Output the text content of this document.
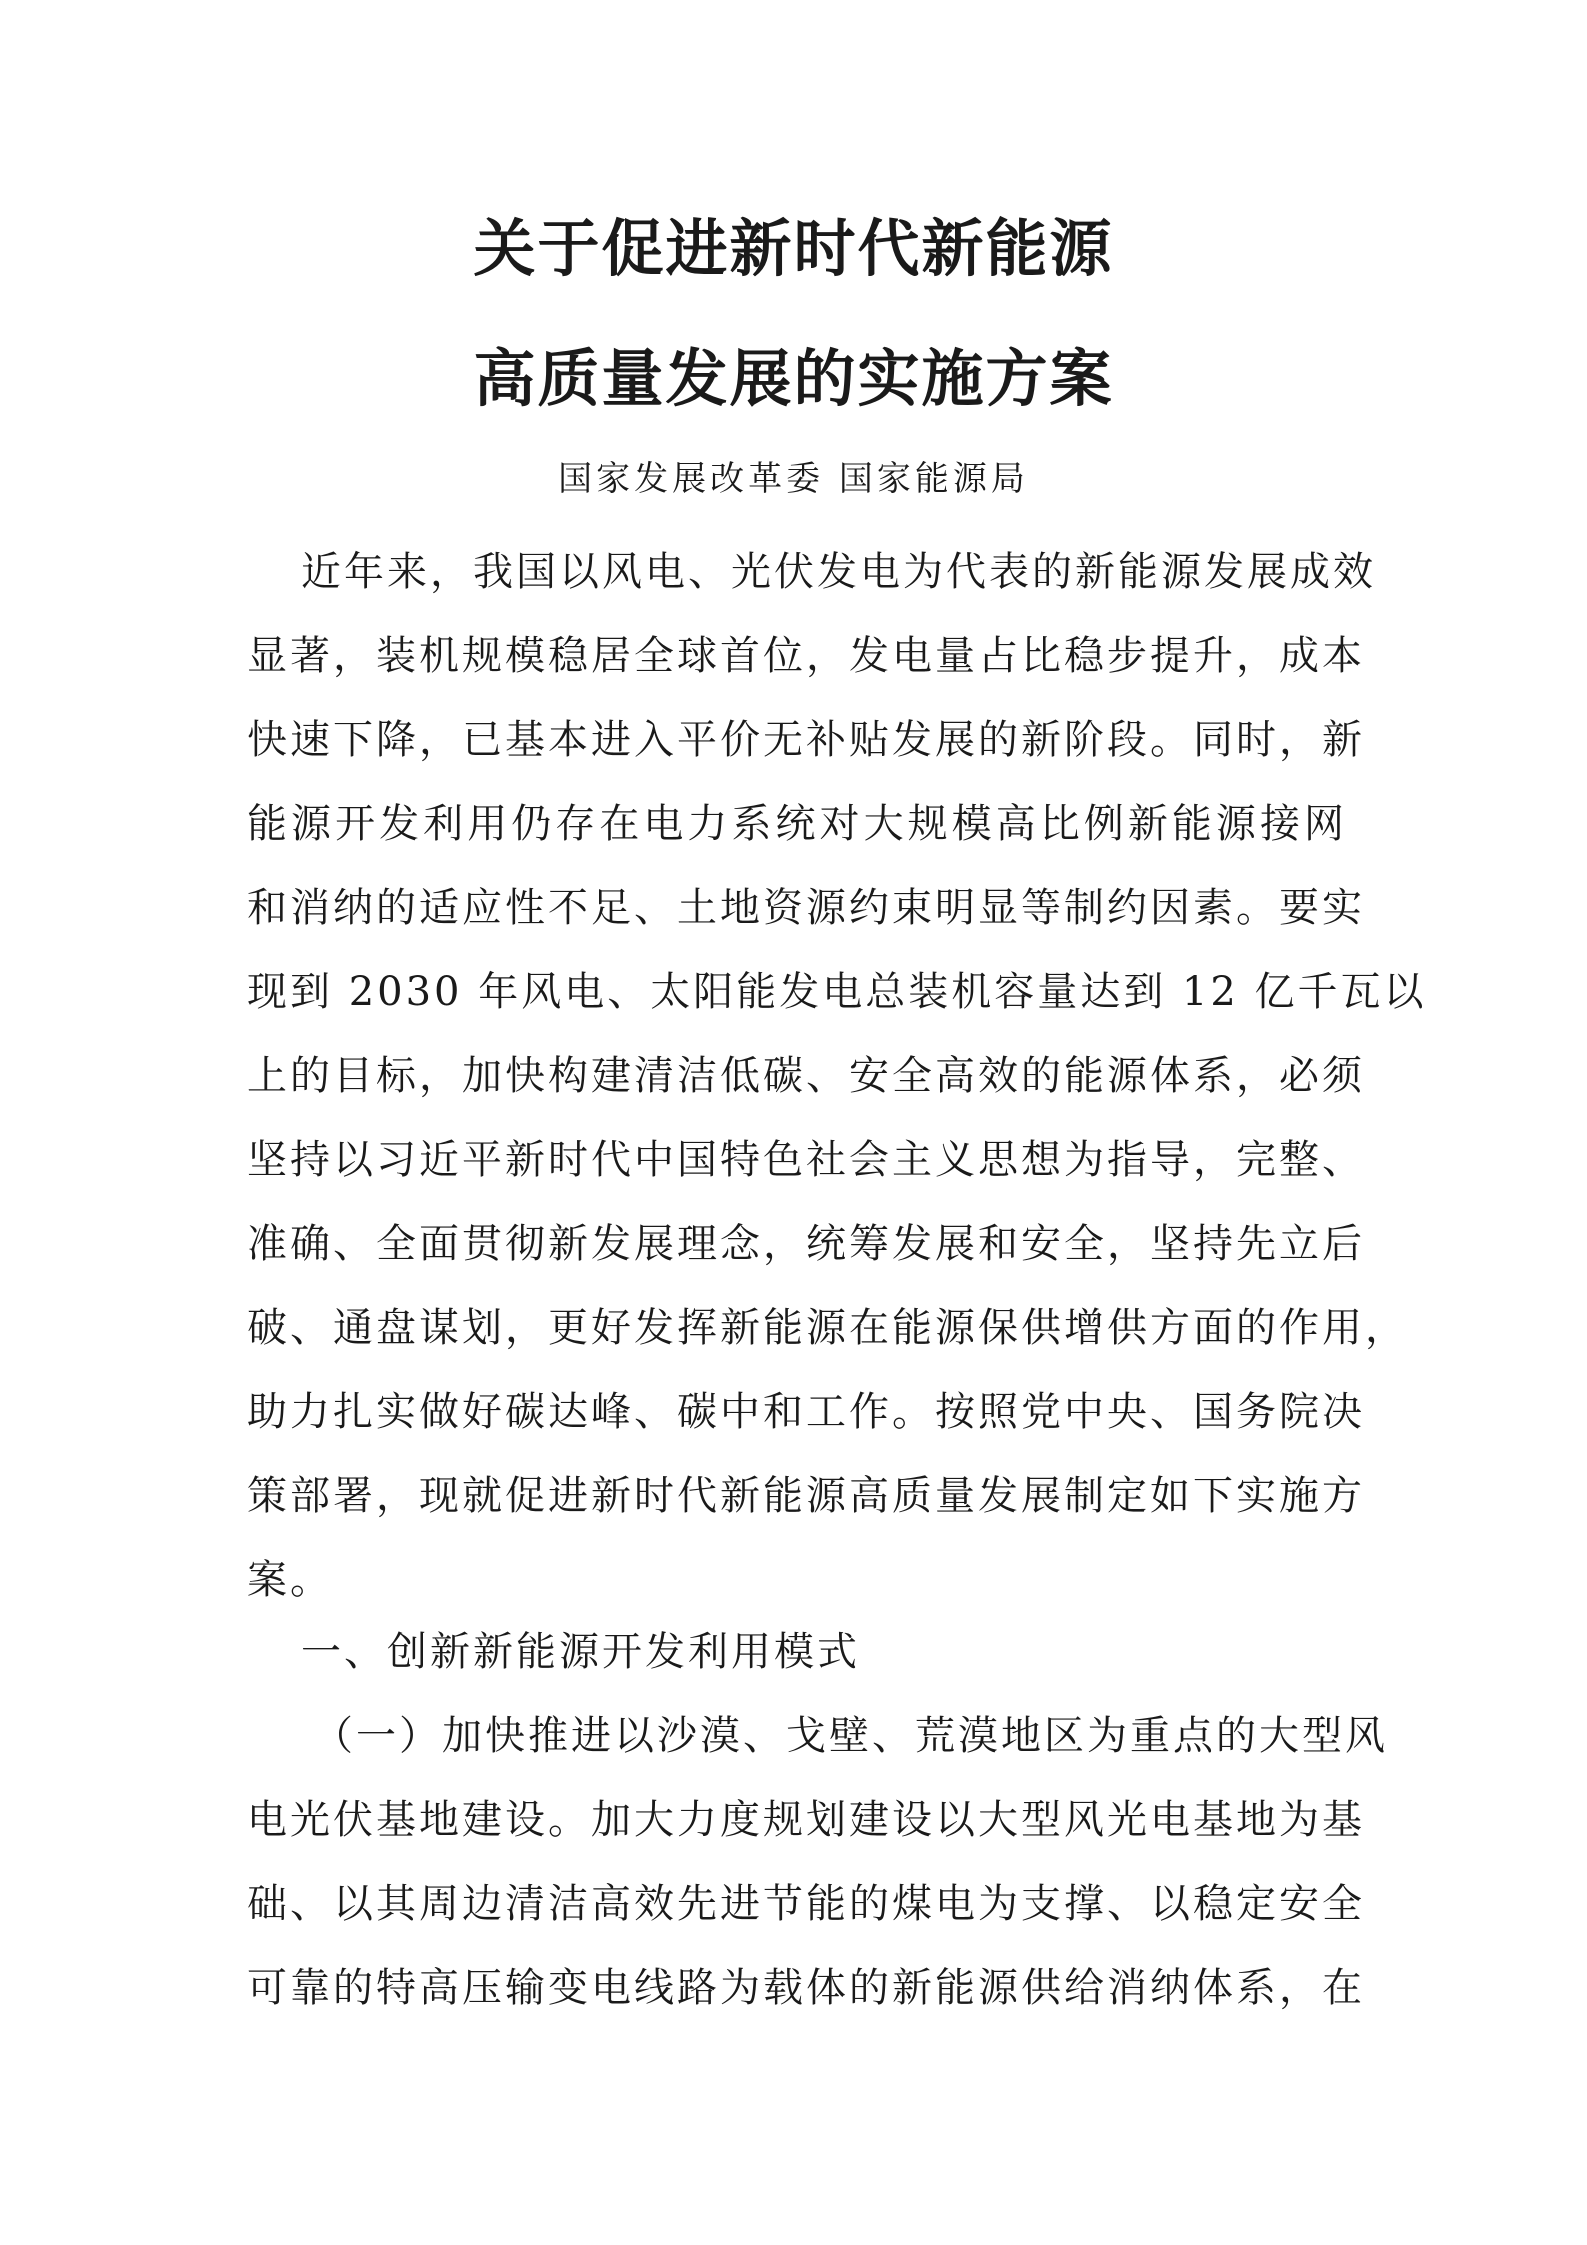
关于促进新时代新能源
高质量发展的实施方案
国家发展改革委 国家能源局
近年来，我国以风电、光伏发电为代表的新能源发展成效
显著，装机规模稳居全球首位，发电量占比稳步提升，成本
快速下降，已基本进入平价无补贴发展的新阶段。同时，新
能源开发利用仍存在电力系统对大规模高比例新能源接网
和消纳的适应性不足、土地资源约束明显等制约因素。要实
现到 2030 年风电、太阳能发电总装机容量达到 12 亿千瓦以
上的目标，加快构建清洁低碳、安全高效的能源体系，必须
坚持以习近平新时代中国特色社会主义思想为指导，完整、
准确、全面贯彻新发展理念，统筹发展和安全，坚持先立后
破、通盘谋划，更好发挥新能源在能源保供增供方面的作用，
助力扎实做好碳达峰、碳中和工作。按照党中央、国务院决
策部署，现就促进新时代新能源高质量发展制定如下实施方
案。
一、创新新能源开发利用模式
（一）加快推进以沙漠、戈壁、荒漠地区为重点的大型风
电光伏基地建设。加大力度规划建设以大型风光电基地为基
础、以其周边清洁高效先进节能的煤电为支撑、以稳定安全
可靠的特高压输变电线路为载体的新能源供给消纳体系，在
